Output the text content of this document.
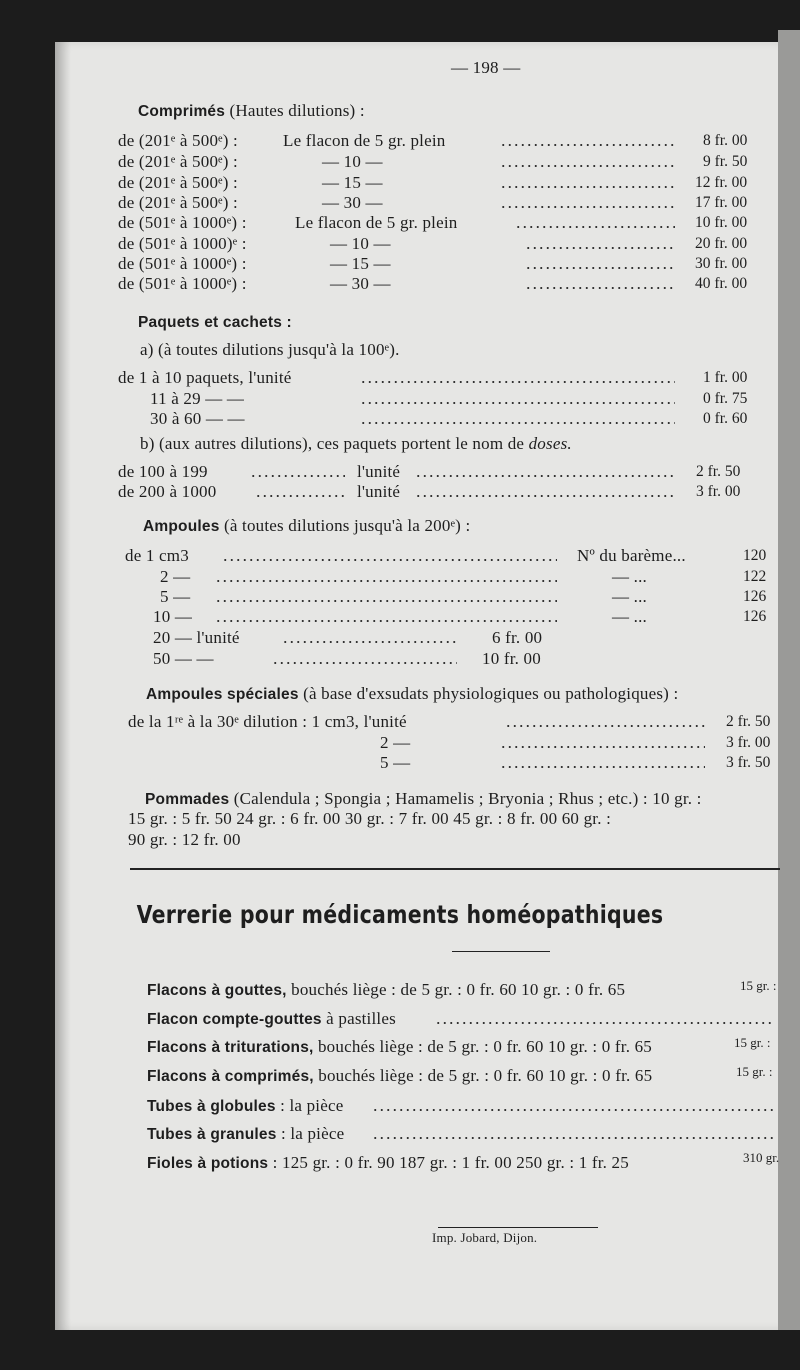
— 198 —
Comprimés (Hautes dilutions) :
de (201ᵉ à 500ᵉ) :	Le flacon de 5 gr. plein	8 fr. 00
de (201ᵉ à 500ᵉ) :	— 10 —	9 fr. 50
de (201ᵉ à 500ᵉ) :	— 15 —	12 fr. 00
de (201ᵉ à 500ᵉ) :	— 30 —	17 fr. 00
de (501ᵉ à 1000ᵉ) :	Le flacon de 5 gr. plein	10 fr. 00
de (501ᵉ à 1000)ᵉ :	— 10 —	20 fr. 00
de (501ᵉ à 1000ᵉ) :	— 15 —	30 fr. 00
de (501ᵉ à 1000ᵉ) :	— 30 —	40 fr. 00
Paquets et cachets :
a) (à toutes dilutions jusqu'à la 100ᵉ).
de 1 à 10 paquets, l'unité	1 fr. 00
11 à 29 — —	0 fr. 75
30 à 60 — —	0 fr. 60
b) (aux autres dilutions), ces paquets portent le nom de doses.
de 100 à 199	l'unité	2 fr. 50
de 200 à 1000	l'unité	3 fr. 00
Ampoules (à toutes dilutions jusqu'à la 200ᵉ) :
de 1 cm3	Nº du barème...	120
2 —	— ...	122
5 —	— ...	126
10 —	— ...	126
20 — l'unité	6 fr. 00
50 — —	10 fr. 00
Ampoules spéciales (à base d'exsudats physiologiques ou pathologiques) :
de la 1ʳᵉ à la 30ᵉ dilution : 1 cm3, l'unité	2 fr. 50
2 —	3 fr. 00
5 —	3 fr. 50
Pommades (Calendula ; Spongia ; Hamamelis ; Bryonia ; Rhus ; etc.) : 10 gr. :
15 gr. : 5 fr. 50 24 gr. : 6 fr. 00 30 gr. : 7 fr. 00 45 gr. : 8 fr. 00 60 gr. :
90 gr. : 12 fr. 00
Verrerie pour médicaments homéopathiques
Flacons à gouttes, bouchés liège : de 5 gr. : 0 fr. 60 10 gr. : 0 fr. 65	15 gr. :
Flacon compte-gouttes à pastilles
Flacons à triturations, bouchés liège : de 5 gr. : 0 fr. 60 10 gr. : 0 fr. 65	15 gr. :
Flacons à comprimés, bouchés liège : de 5 gr. : 0 fr. 60 10 gr. : 0 fr. 65	15 gr. :
Tubes à globules : la pièce
Tubes à granules : la pièce
Fioles à potions : 125 gr. : 0 fr. 90 187 gr. : 1 fr. 00 250 gr. : 1 fr. 25	310 gr.
Imp. Jobard, Dijon.
